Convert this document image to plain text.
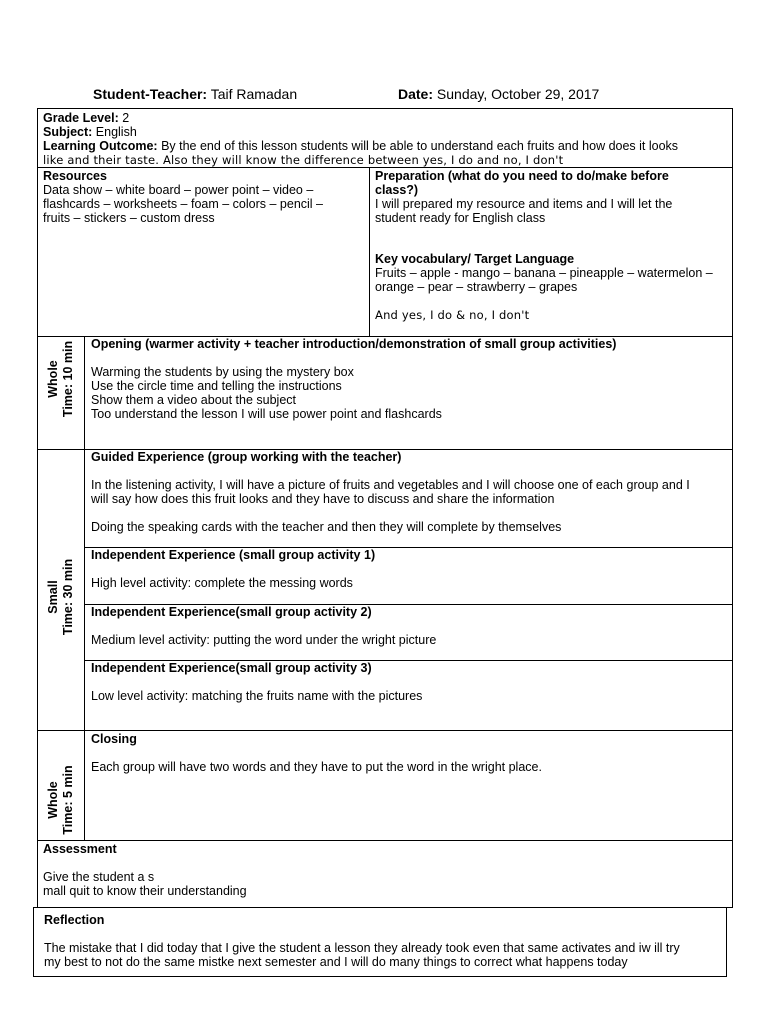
Student-Teacher: Taif Ramadan	Date: Sunday, October 29, 2017
Grade Level: 2
Subject: English
Learning Outcome: By the end of this lesson students will be able to understand each fruits and how does it looks
like and their taste. Also they will know the difference between yes, I do and no, I don't
Resources
Data show – white board – power point – video –
flashcards – worksheets – foam – colors – pencil –
fruits – stickers – custom dress
Preparation (what do you need to do/make before
class?)
I will prepared my resource and items and I will let the
student ready for English class
Key vocabulary/ Target Language
Fruits – apple - mango – banana – pineapple – watermelon –
orange – pear – strawberry – grapes
And yes, I do & no, I don't
Whole Time: 10 min Opening (warmer activity + teacher introduction/demonstration of small group activities)
Warming the students by using the mystery box
Use the circle time and telling the instructions
Show them a video about the subject
Too understand the lesson I will use power point and flashcards
Small Time: 30 min
Guided Experience (group working with the teacher)
In the listening activity, I will have a picture of fruits and vegetables and I will choose one of each group and I
will say how does this fruit looks and they have to discuss and share the information
Doing the speaking cards with the teacher and then they will complete by themselves
Independent Experience (small group activity 1)
High level activity: complete the messing words
Independent Experience(small group activity 2)
Medium level activity: putting the word under the wright picture
Independent Experience(small group activity 3)
Low level activity: matching the fruits name with the pictures
Whole Time: 5 min
Closing
Each group will have two words and they have to put the word in the wright place.
Assessment
Give the student a s
mall quit to know their understanding
Reflection
The mistake that I did today that I give the student a lesson they already took even that same activates and iw ill try
my best to not do the same mistke next semester and I will do many things to correct what happens today
